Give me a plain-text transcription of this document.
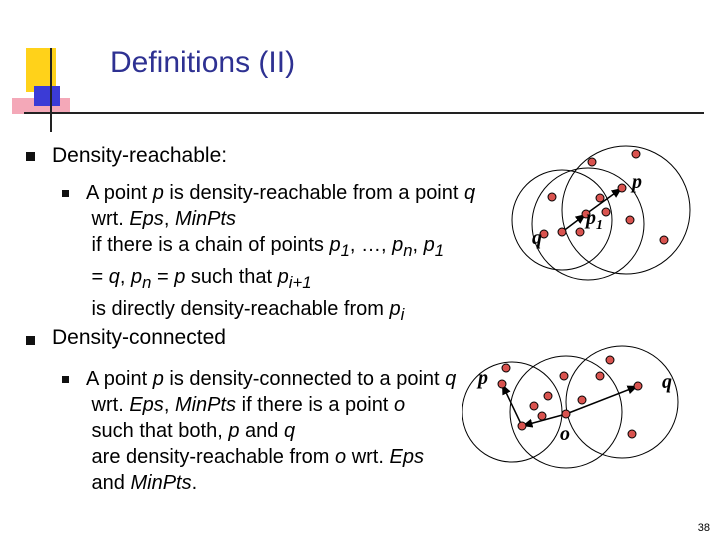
Definitions (II)
Density-reachable:
A point p is density-reachable from a point q wrt. Eps, MinPts if there is a chain of points $p_1$, …, $p_n$, $p_1 = q$, $p_n = p$ such that $p_{i+1}$ is directly density-reachable from $p_i$
Density-connected
A point p is density-connected to a point q wrt. Eps, MinPts if there is a point o such that both, p and q are density-reachable from o wrt. Eps and MinPts.
q
$p_1$
p
p
o
q
38
